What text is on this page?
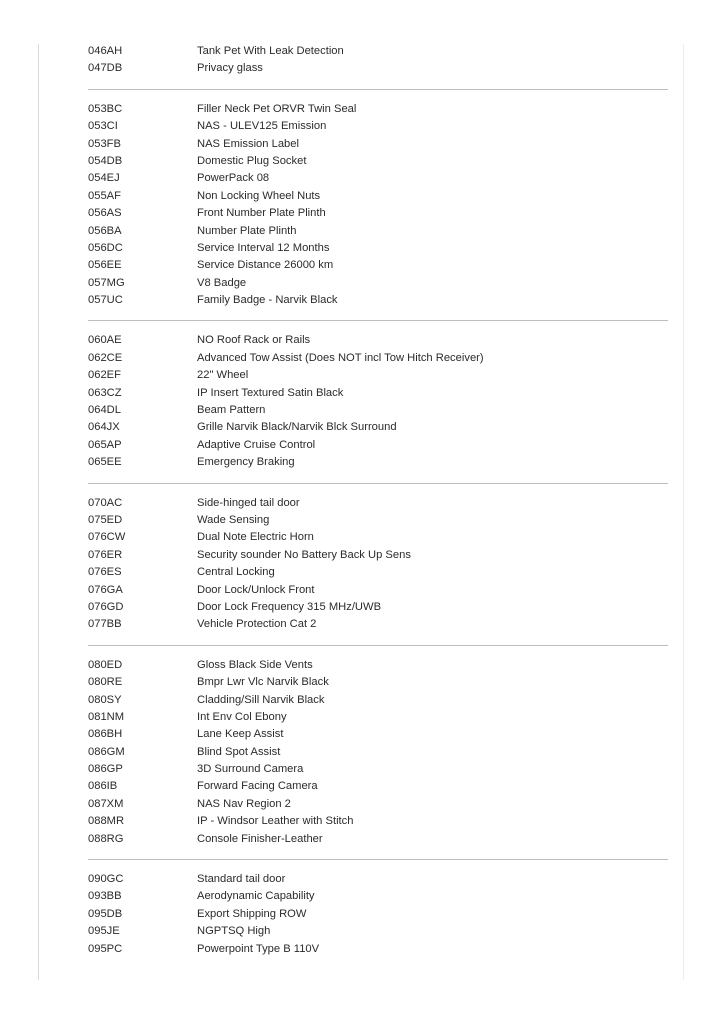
046AH	Tank Pet With Leak Detection
047DB	Privacy glass
053BC	Filler Neck Pet ORVR Twin Seal
053CI	NAS - ULEV125 Emission
053FB	NAS Emission Label
054DB	Domestic Plug Socket
054EJ	PowerPack 08
055AF	Non Locking Wheel Nuts
056AS	Front Number Plate Plinth
056BA	Number Plate Plinth
056DC	Service Interval 12 Months
056EE	Service Distance 26000 km
057MG	V8 Badge
057UC	Family Badge - Narvik Black
060AE	NO Roof Rack or Rails
062CE	Advanced Tow Assist (Does NOT incl Tow Hitch Receiver)
062EF	22" Wheel
063CZ	IP Insert Textured Satin Black
064DL	Beam Pattern
064JX	Grille Narvik Black/Narvik Blck Surround
065AP	Adaptive Cruise Control
065EE	Emergency Braking
070AC	Side-hinged tail door
075ED	Wade Sensing
076CW	Dual Note Electric Horn
076ER	Security sounder No Battery Back Up Sens
076ES	Central Locking
076GA	Door Lock/Unlock Front
076GD	Door Lock Frequency 315 MHz/UWB
077BB	Vehicle Protection Cat 2
080ED	Gloss Black Side Vents
080RE	Bmpr Lwr Vlc Narvik Black
080SY	Cladding/Sill Narvik Black
081NM	Int Env Col Ebony
086BH	Lane Keep Assist
086GM	Blind Spot Assist
086GP	3D Surround Camera
086IB	Forward Facing Camera
087XM	NAS Nav Region 2
088MR	IP - Windsor Leather with Stitch
088RG	Console Finisher-Leather
090GC	Standard tail door
093BB	Aerodynamic Capability
095DB	Export Shipping ROW
095JE	NGPTSQ High
095PC	Powerpoint Type B 110V
